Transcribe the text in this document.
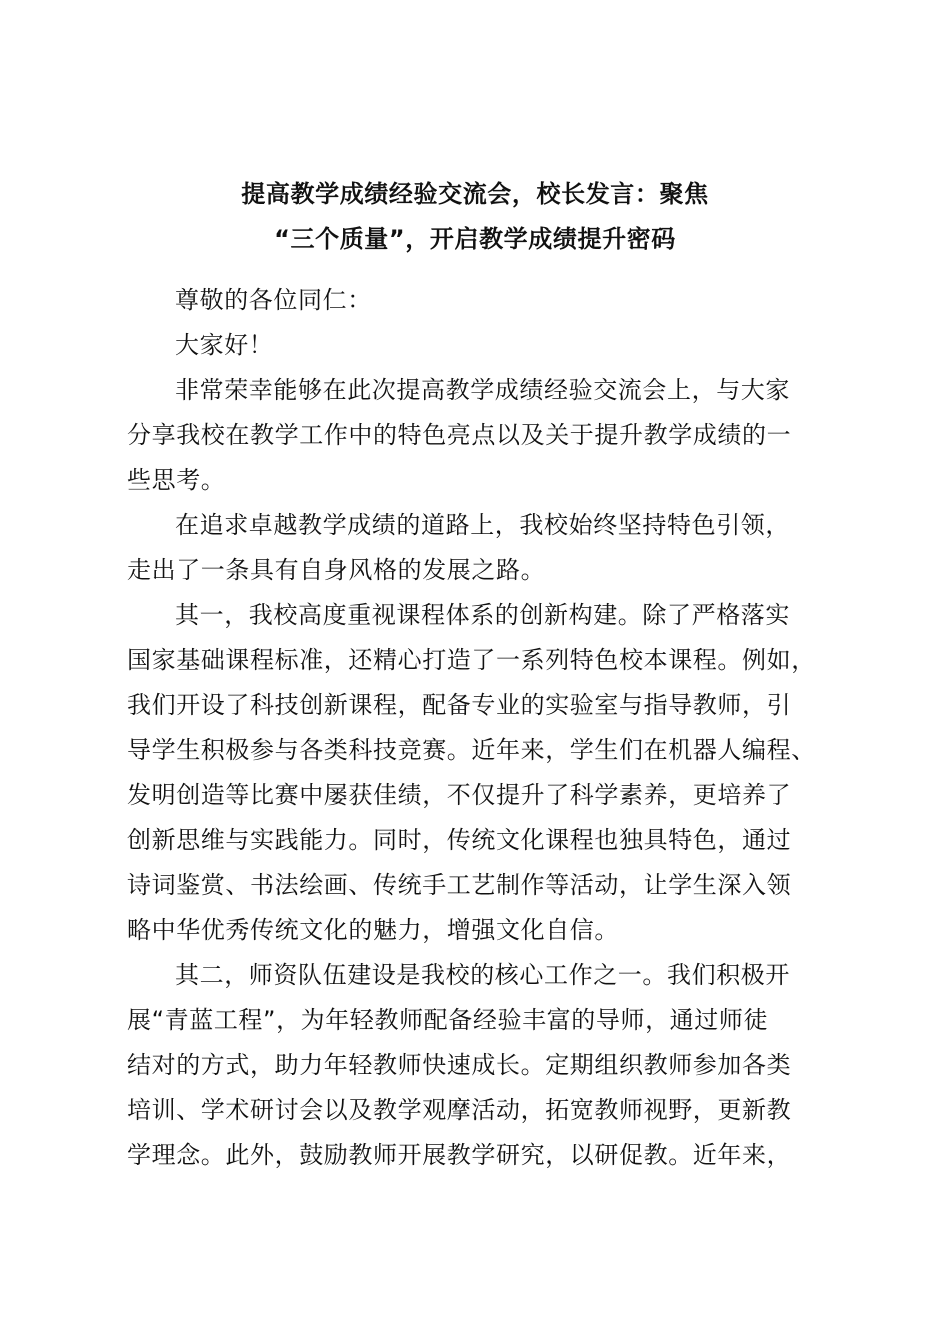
提高教学成绩经验交流会，校长发言：聚焦
“三个质量”，开启教学成绩提升密码
尊敬的各位同仁：
大家好！
非常荣幸能够在此次提高教学成绩经验交流会上，与大家
分享我校在教学工作中的特色亮点以及关于提升教学成绩的一
些思考。
在追求卓越教学成绩的道路上，我校始终坚持特色引领，
走出了一条具有自身风格的发展之路。
其一，我校高度重视课程体系的创新构建。除了严格落实
国家基础课程标准，还精心打造了一系列特色校本课程。例如，
我们开设了科技创新课程，配备专业的实验室与指导教师，引
导学生积极参与各类科技竞赛。近年来，学生们在机器人编程、
发明创造等比赛中屡获佳绩，不仅提升了科学素养，更培养了
创新思维与实践能力。同时，传统文化课程也独具特色，通过
诗词鉴赏、书法绘画、传统手工艺制作等活动，让学生深入领
略中华优秀传统文化的魅力，增强文化自信。
其二，师资队伍建设是我校的核心工作之一。我们积极开
展“青蓝工程”，为年轻教师配备经验丰富的导师，通过师徒
结对的方式，助力年轻教师快速成长。定期组织教师参加各类
培训、学术研讨会以及教学观摩活动，拓宽教师视野，更新教
学理念。此外，鼓励教师开展教学研究，以研促教。近年来，
